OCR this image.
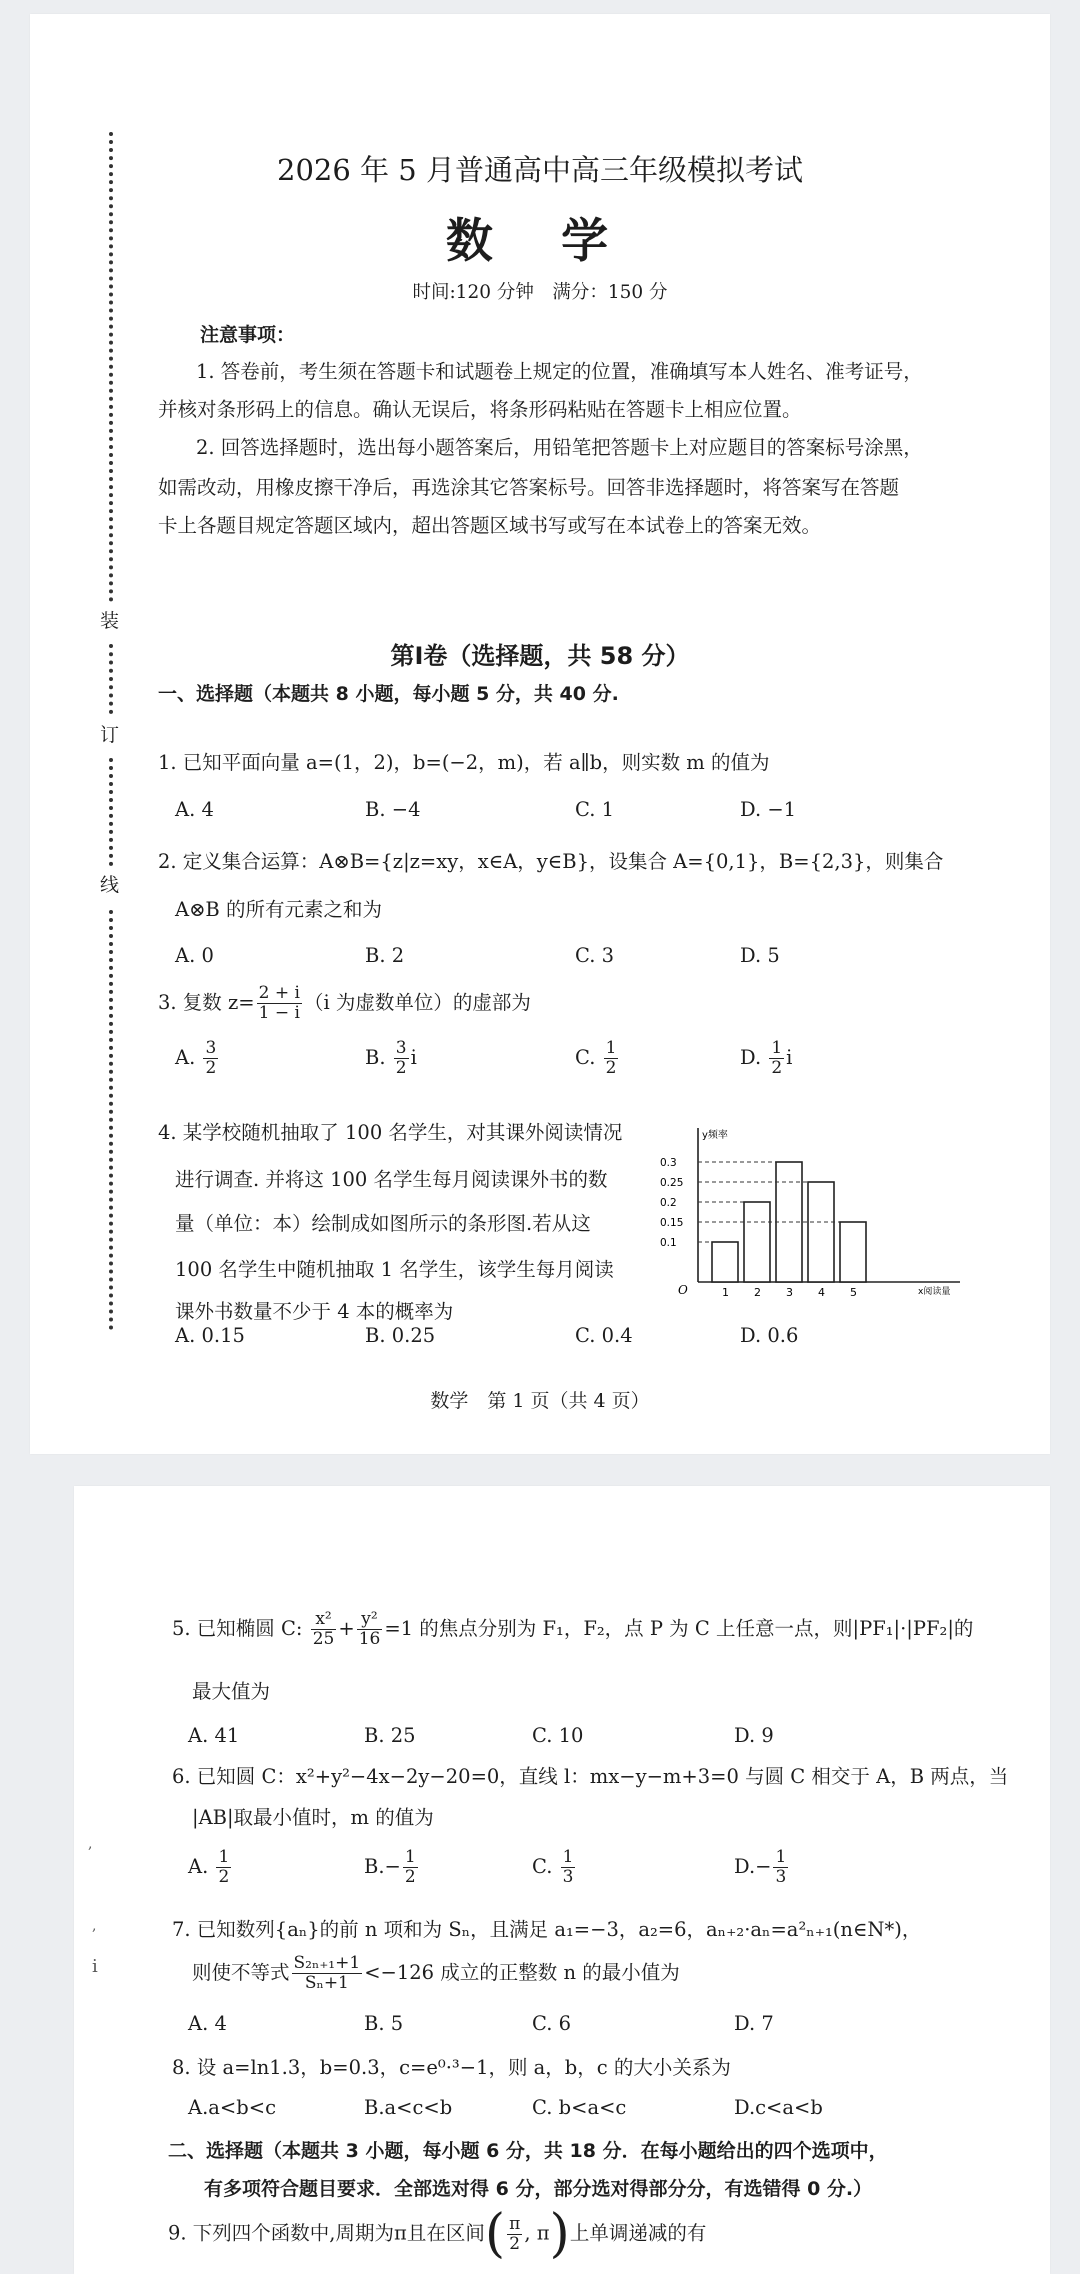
装
订
线
2026 年 5 月普通高中高三年级模拟考试
数 学
时间:120 分钟　满分：150 分
注意事项：
1. 答卷前，考生须在答题卡和试题卷上规定的位置，准确填写本人姓名、准考证号，
并核对条形码上的信息。确认无误后，将条形码粘贴在答题卡上相应位置。
2. 回答选择题时，选出每小题答案后，用铅笔把答题卡上对应题目的答案标号涂黑，
如需改动，用橡皮擦干净后，再选涂其它答案标号。回答非选择题时，将答案写在答题
卡上各题目规定答题区域内，超出答题区域书写或写在本试卷上的答案无效。
第Ⅰ卷（选择题，共 58 分）
一、选择题（本题共 8 小题，每小题 5 分，共 40 分.
1. 已知平面向量 a=(1，2)，b=(−2，m)，若 a∥b，则实数 m 的值为
A. 4	B. −4	C. 1	D. −1
2. 定义集合运算：A⊗B={z|z=xy，x∈A，y∈B}，设集合 A={0,1}，B={2,3}，则集合
A⊗B 的所有元素之和为
A. 0	B. 2	C. 3	D. 5
3. 复数 $z= \frac{2 + i}{1 - i} (i$ 为虚数单位）的虚部为
A. $\frac{3}{2}$	B. $\frac{3}{2}$ i	C. $\frac{1}{2}$	D. $\frac{1}{2}$ i
4. 某学校随机抽取了 100 名学生，对其课外阅读情况
进行调查. 并将这 100 名学生每月阅读课外书的数
量（单位：本）绘制成如图所示的条形图.若从这
100 名学生中随机抽取 1 名学生，该学生每月阅读
课外书数量不少于 4 本的概率为
A. 0.15	B. 0.25	C. 0.4	D. 0.6
y频率
x阅读量
O
0.3
0.25
0.2
0.15
0.1
1 2 3 4 5
数学　第 1 页（共 4 页）
,
,
i
5. 已知椭圆 C: $\frac{\text{x²}}{25} + \frac{\text{y²}}{16} =1$ 的焦点分别为 F₁，F₂，点 P 为 C 上任意一点，则|PF₁|·|PF₂|的
最大值为
A. 41	B. 25	C. 10	D. 9
6. 已知圆 C：x²+y²−4x−2y−20=0，直线 l：mx−y−m+3=0 与圆 C 相交于 A，B 两点，当
|AB|取最小值时，m 的值为
A. $\frac{1}{2}$	$B.- \frac{1}{2}$	C. $\frac{1}{3}$	$D.- \frac{1}{3}$
7. 已知数列{aₙ}的前 n 项和为 Sₙ，且满足 a₁=−3，a₂=6，aₙ₊₂·aₙ=a²ₙ₊₁(n∈N*)，
则使不等式 $\frac{\text{S₂ₙ₊₁+1}}{\text{Sₙ+1}} <-126$ 成立的正整数 n 的最小值为
A. 4	B. 5	C. 6	D. 7
8. 设 a=ln1.3，b=0.3，c=e⁰·³−1，则 a，b，c 的大小关系为
A.a<b<c	B.a<c<b	C. b<a<c	D.c<a<b
二、选择题（本题共 3 小题，每小题 6 分，共 18 分．在每小题给出的四个选项中，
有多项符合题目要求．全部选对得 6 分，部分选对得部分分，有选错得 0 分.）
9. 下列四个函数中,周期为π且在区间( $\frac{\pi}{2}$ , π)上单调递减的有
